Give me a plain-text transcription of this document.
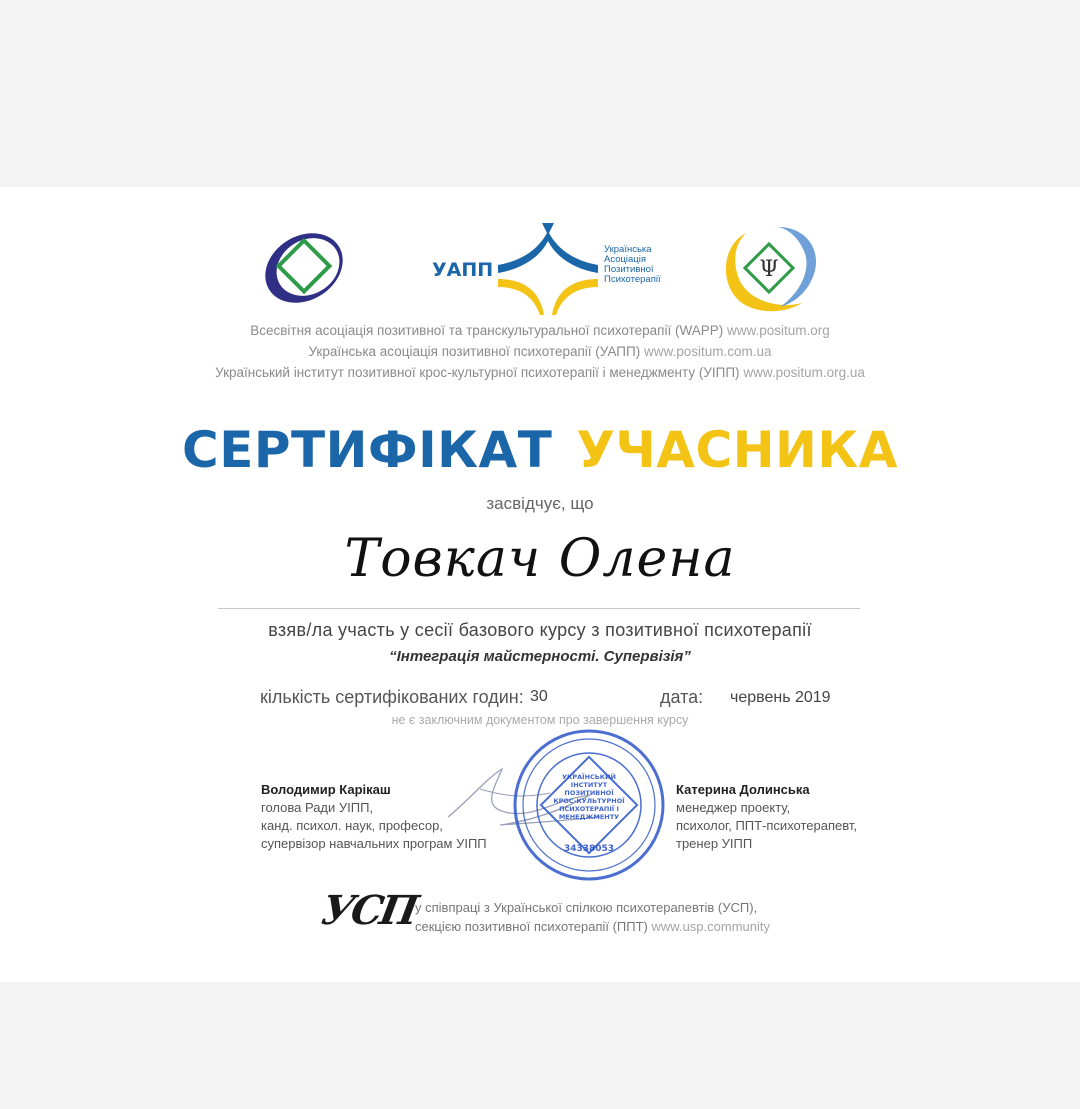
УАПП
Українська
Асоціація
Позитивної
Психотерапії	Ψ
Всесвітня асоціація позитивної та транскультуральної психотерапії (WAPP) www.positum.org
Українська асоціація позитивної психотерапії (УАПП) www.positum.com.ua
Український інститут позитивної крос-культурної психотерапії і менеджменту (УІПП) www.positum.org.ua
СЕРТИФІКАТ УЧАСНИКА
засвідчує, що
Товкач Олена
взяв/ла участь у сесії базового курсу з позитивної психотерапії
“Інтеграція майстерності. Супервізія”
кількість сертифікованих годин: 30	дата: червень 2019
не є заключним документом про завершення курсу
УКРАЇНСЬКИЙ
ІНСТИТУТ
ПОЗИТИВНОЇ
КРОС-КУЛЬТУРНОЇ
ПСИХОТЕРАПІЇ І
МЕНЕДЖМЕНТУ
34338053
Володимир Карікаш
голова Ради УІПП,
канд. психол. наук, професор,
супервізор навчальних програм УІПП
Катерина Долинська
менеджер проекту,
психолог, ППТ-психотерапевт,
тренер УІПП
УСП
у співпраці з Української спілкою психотерапевтів (УСП),
секцією позитивної психотерапії (ППТ) www.usp.community
